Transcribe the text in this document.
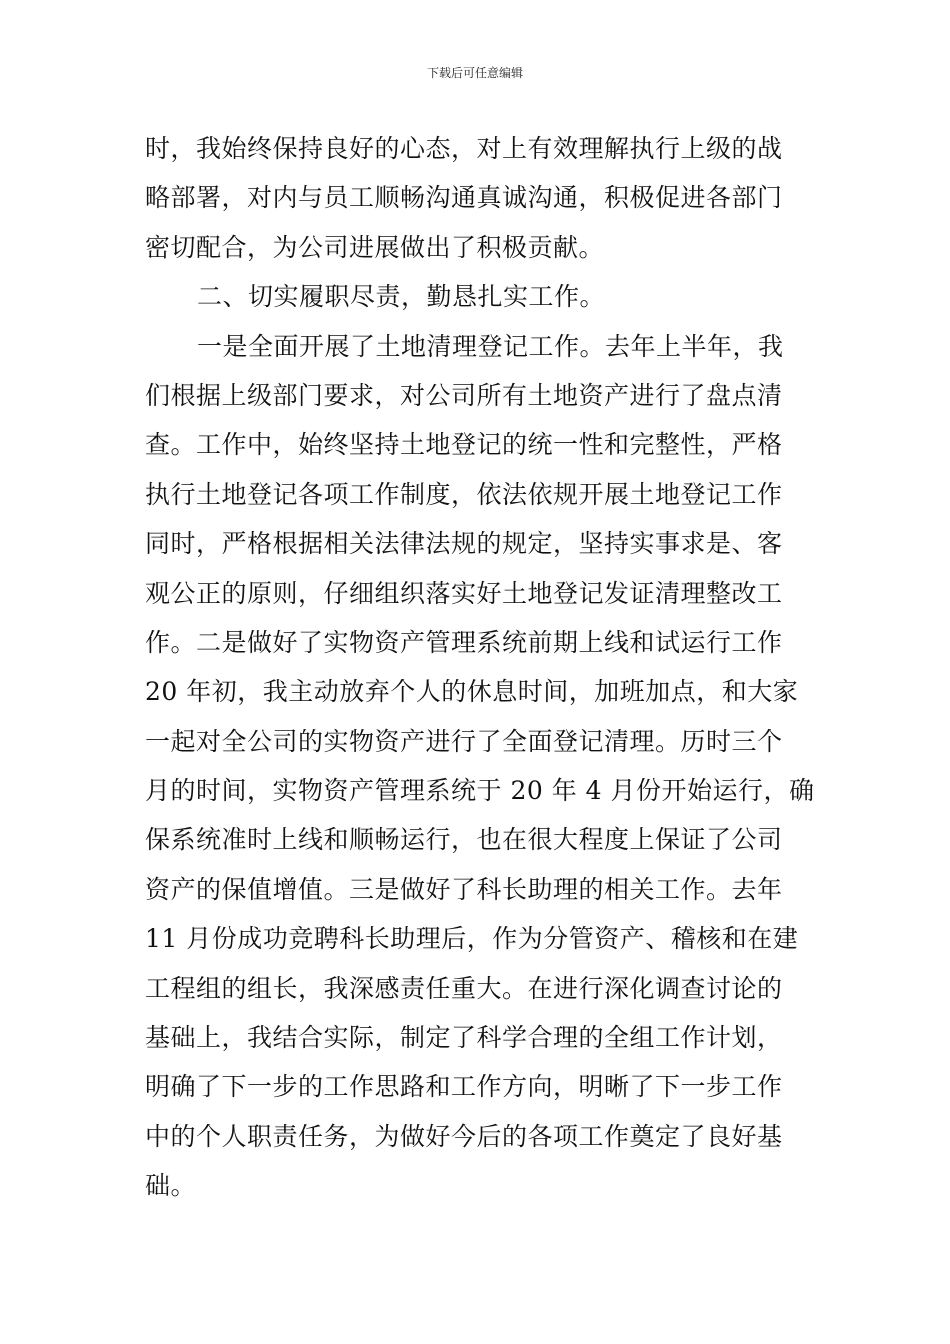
下载后可任意编辑
时，我始终保持良好的心态，对上有效理解执行上级的战
略部署，对内与员工顺畅沟通真诚沟通，积极促进各部门
密切配合，为公司进展做出了积极贡献。
二、切实履职尽责，勤恳扎实工作。
一是全面开展了土地清理登记工作。去年上半年，我
们根据上级部门要求，对公司所有土地资产进行了盘点清
查。工作中，始终坚持土地登记的统一性和完整性，严格
执行土地登记各项工作制度，依法依规开展土地登记工作
同时，严格根据相关法律法规的规定，坚持实事求是、客
观公正的原则，仔细组织落实好土地登记发证清理整改工
作。二是做好了实物资产管理系统前期上线和试运行工作
20 年初，我主动放弃个人的休息时间，加班加点，和大家
一起对全公司的实物资产进行了全面登记清理。历时三个
月的时间，实物资产管理系统于 20 年 4 月份开始运行，确
保系统准时上线和顺畅运行，也在很大程度上保证了公司
资产的保值增值。三是做好了科长助理的相关工作。去年
11 月份成功竞聘科长助理后，作为分管资产、稽核和在建
工程组的组长，我深感责任重大。在进行深化调查讨论的
基础上，我结合实际，制定了科学合理的全组工作计划，
明确了下一步的工作思路和工作方向，明晰了下一步工作
中的个人职责任务，为做好今后的各项工作奠定了良好基
础。
